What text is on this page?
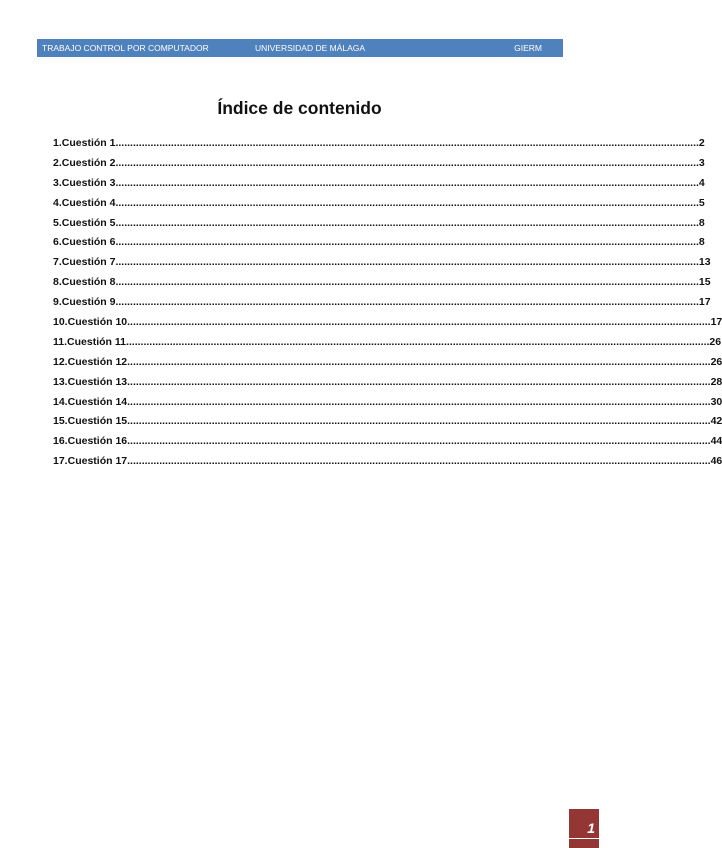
TRABAJO CONTROL POR COMPUTADOR	UNIVERSIDAD DE MÁLAGA	GIERM
Índice de contenido
1. Cuestión 1 ........................................................................................................................................................................................................ 2
2. Cuestión 2 ........................................................................................................................................................................................................ 3
3. Cuestión 3 ........................................................................................................................................................................................................ 4
4. Cuestión 4 ........................................................................................................................................................................................................ 5
5. Cuestión 5 ........................................................................................................................................................................................................ 8
6. Cuestión 6 ........................................................................................................................................................................................................ 8
7. Cuestión 7 ........................................................................................................................................................................................................ 13
8. Cuestión 8 ........................................................................................................................................................................................................ 15
9. Cuestión 9 ........................................................................................................................................................................................................ 17
10. Cuestión 10 ........................................................................................................................................................................................................ 17
11. Cuestión 11 ........................................................................................................................................................................................................ 26
12. Cuestión 12 ........................................................................................................................................................................................................ 26
13. Cuestión 13 ........................................................................................................................................................................................................ 28
14. Cuestión 14 ........................................................................................................................................................................................................ 30
15. Cuestión 15 ........................................................................................................................................................................................................ 42
16. Cuestión 16 ........................................................................................................................................................................................................ 44
17. Cuestión 17 ........................................................................................................................................................................................................ 46
1
